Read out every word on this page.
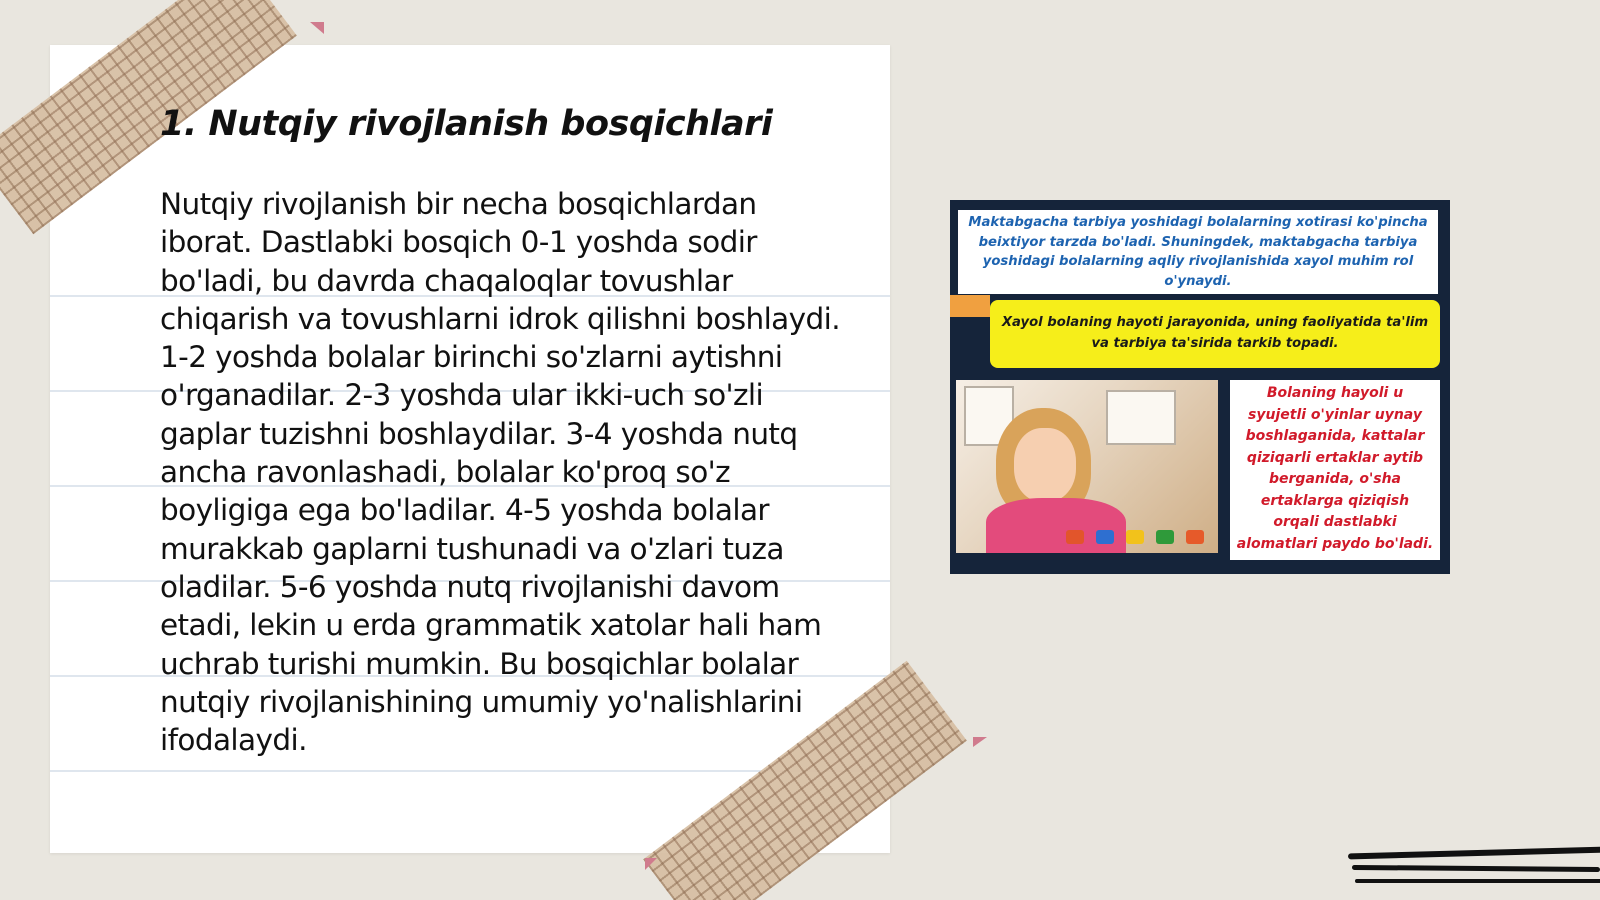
1. Nutqiy rivojlanish bosqichlari

Nutqiy rivojlanish bir necha bosqichlardan iborat. Dastlabki bosqich 0-1 yoshda sodir bo'ladi, bu davrda chaqaloqlar tovushlar chiqarish va tovushlarni idrok qilishni boshlaydi. 1-2 yoshda bolalar birinchi so'zlarni aytishni o'rganadilar. 2-3 yoshda ular ikki-uch so'zli gaplar tuzishni boshlaydilar. 3-4 yoshda nutq ancha ravonlashadi, bolalar ko'proq so'z boyligiga ega bo'ladilar. 4-5 yoshda bolalar murakkab gaplarni tushunadi va o'zlari tuza oladilar. 5-6 yoshda nutq rivojlanishi davom etadi, lekin u erda grammatik xatolar hali ham uchrab turishi mumkin. Bu bosqichlar bolalar nutqiy rivojlanishining umumiy yo'nalishlarini ifodalaydi.

Maktabgacha tarbiya yoshidagi bolalarning xotirasi ko'pincha beixtiyor tarzda bo'ladi. Shuningdek, maktabgacha tarbiya yoshidagi bolalarning aqliy rivojlanishida xayol muhim rol o'ynaydi.
Xayol bolaning hayoti jarayonida, uning faoliyatida ta'lim va tarbiya ta'sirida tarkib topadi.
Bolaning hayoli u syujetli o'yinlar uynay boshlaganida, kattalar qiziqarli ertaklar aytib berganida, o'sha ertaklarga qiziqish orqali dastlabki alomatlari paydo bo'ladi.
